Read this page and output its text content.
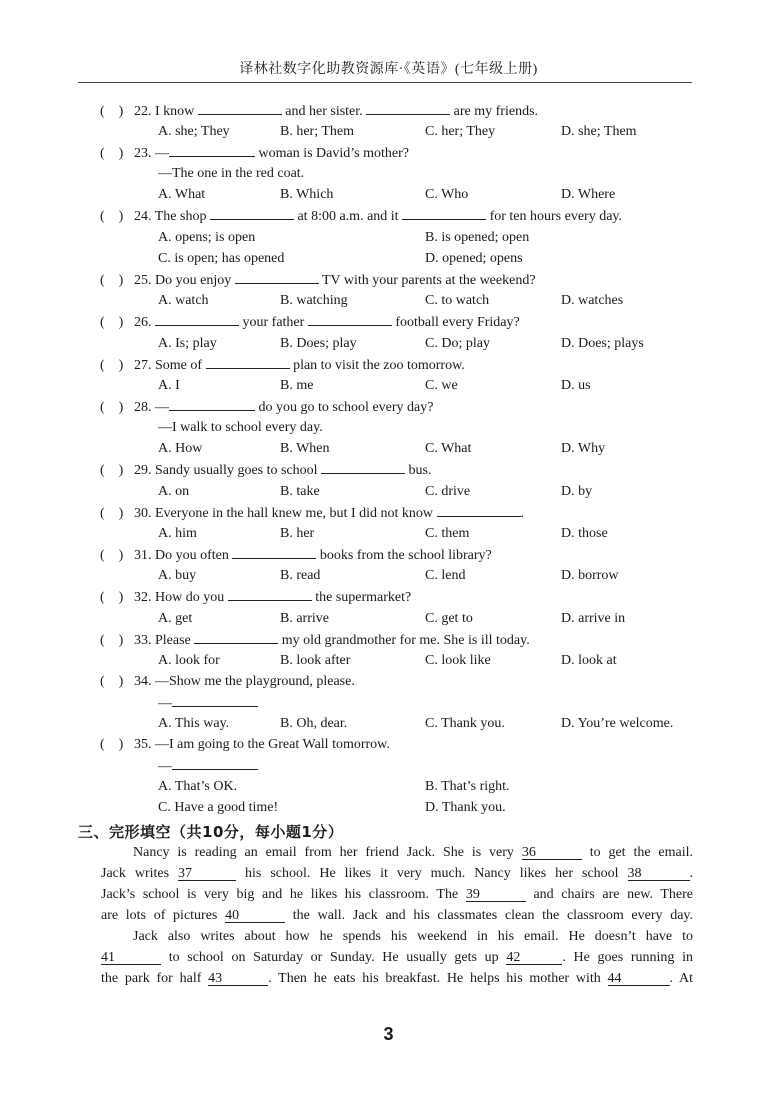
译林社数字化助教资源库·《英语》(七年级上册)
(    ) 22. I know	and her sister.	are my friends.
A. she; They	B. her; Them	C. her; They	D. she; Them
(    ) 23. —	woman is David’s mother?
—The one in the red coat.
A. What	B. Which	C. Who	D. Where
(    ) 24. The shop	at 8:00 a.m. and it	for ten hours every day.
A. opens; is open	B. is opened; open
C. is open; has opened	D. opened; opens
(    ) 25. Do you enjoy	TV with your parents at the weekend?
A. watch	B. watching	C. to watch	D. watches
(    ) 26.	your father	football every Friday?
A. Is; play	B. Does; play	C. Do; play	D. Does; plays
(    ) 27. Some of	plan to visit the zoo tomorrow.
A. I	B. me	C. we	D. us
(    ) 28. —	do you go to school every day?
—I walk to school every day.
A. How	B. When	C. What	D. Why
(    ) 29. Sandy usually goes to school	bus.
A. on	B. take	C. drive	D. by
(    ) 30. Everyone in the hall knew me, but I did not know	.
A. him	B. her	C. them	D. those
(    ) 31. Do you often	books from the school library?
A. buy	B. read	C. lend	D. borrow
(    ) 32. How do you	the supermarket?
A. get	B. arrive	C. get to	D. arrive in
(    ) 33. Please	my old grandmother for me. She is ill today.
A. look for	B. look after	C. look like	D. look at
(    ) 34. —Show me the playground, please.
—
A. This way.	B. Oh, dear.	C. Thank you.	D. You’re welcome.
(    ) 35. —I am going to the Great Wall tomorrow.
—
A. That’s OK.	B. That’s right.
C. Have a good time!	D. Thank you.
三、完形填空（共10分，每小题1分）
Nancy is reading an email from her friend Jack. She is very 36	to get the email.
Jack writes 37	his school. He likes it very much. Nancy likes her school 38	.
Jack’s school is very big and he likes his classroom. The 39	and chairs are new. There
are lots of pictures 40	the wall. Jack and his classmates clean the classroom every day.
Jack also writes about how he spends his weekend in his email. He doesn’t have to
41	to school on Saturday or Sunday. He usually gets up 42	. He goes running in
the park for half 43	. Then he eats his breakfast. He helps his mother with 44	. At
3
